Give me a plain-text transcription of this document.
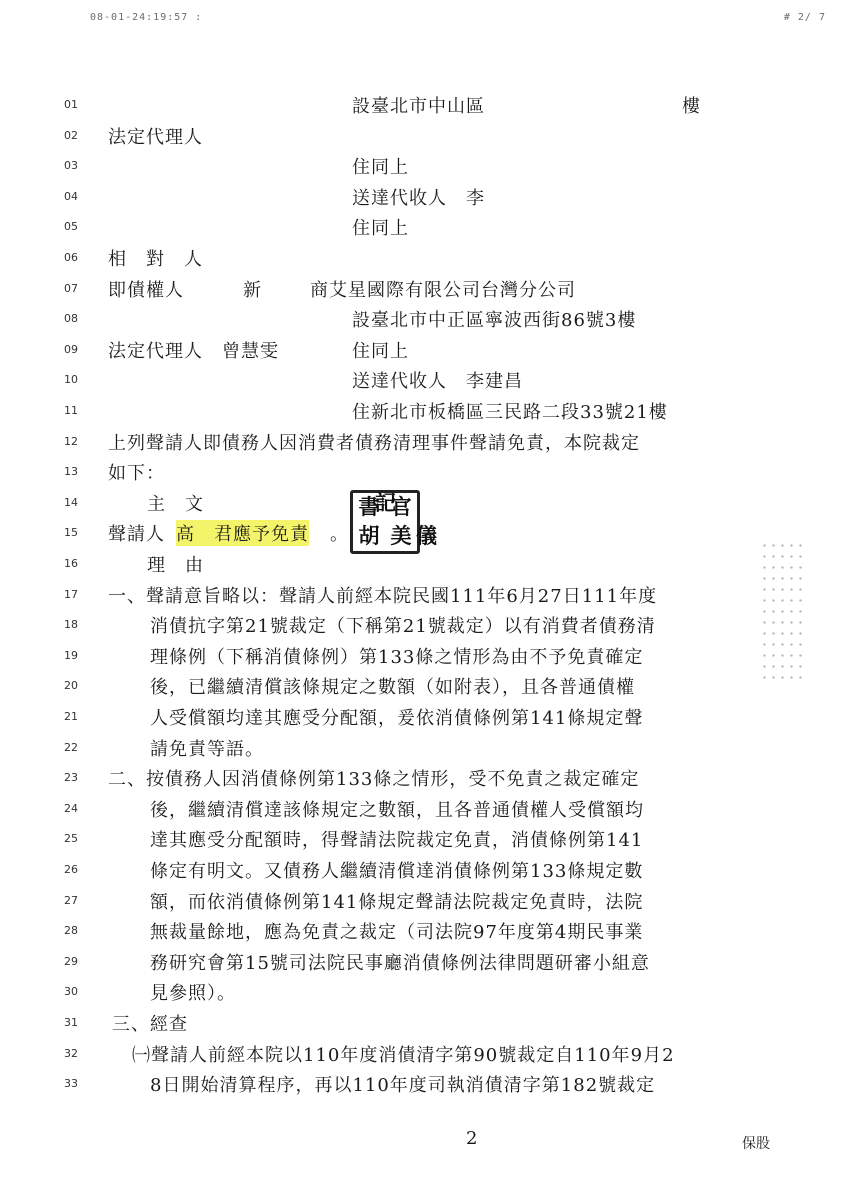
08-01-24:19:57 :	# 2/ 7
01	設臺北市中山區	樓
02	法定代理人
03	住同上
04	送達代收人　李
05	住同上
06	相　對　人
07	即債權人	新	商艾星國際有限公司台灣分公司
08	設臺北市中正區寧波西街86號3樓
09	法定代理人　曾慧雯	住同上
10	送達代收人　李建昌
11	住新北市板橋區三民路二段33號21樓
12	上列聲請人即債務人因消費者債務清理事件聲請免責，本院裁定
13	如下：
14	主　文
15	聲請人 高　君應予免責 。
16	理　由
17	一、聲請意旨略以：聲請人前經本院民國111年6月27日111年度
18	消債抗字第21號裁定（下稱第21號裁定）以有消費者債務清
19	理條例（下稱消債條例）第133條之情形為由不予免責確定
20	後，已繼續清償該條規定之數額（如附表），且各普通債權
21	人受償額均達其應受分配額，爰依消債條例第141條規定聲
22	請免責等語。
23	二、按債務人因消債條例第133條之情形，受不免責之裁定確定
24	後，繼續清償達該條規定之數額，且各普通債權人受償額均
25	達其應受分配額時，得聲請法院裁定免責，消債條例第141
26	條定有明文。又債務人繼續清償達消債條例第133條規定數
27	額，而依消債條例第141條規定聲請法院裁定免責時，法院
28	無裁量餘地，應為免責之裁定（司法院97年度第4期民事業
29	務研究會第15號司法院民事廳消債條例法律問題研審小組意
30	見參照）。
31	三、經查
32	㈠聲請人前經本院以110年度消債清字第90號裁定自110年9月2
33	8日開始清算程序，再以110年度司執消債清字第182號裁定
書 官
胡 美 儀
記
2	保股
